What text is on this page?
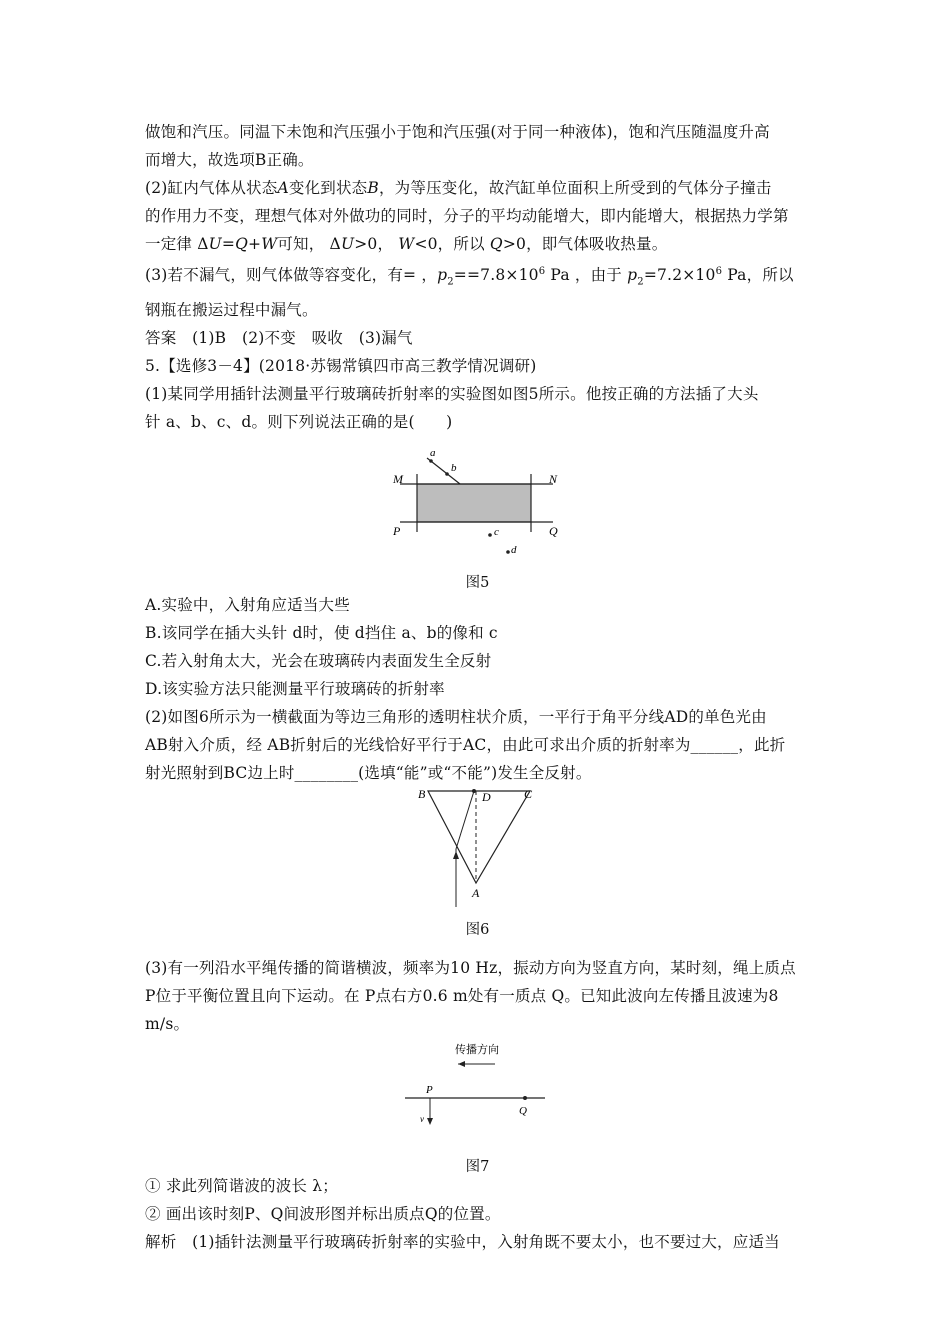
做饱和汽压。同温下未饱和汽压强小于饱和汽压强(对于同一种液体)，饱和汽压随温度升高
而增大，故选项B正确。
(2)缸内气体从状态A变化到状态B，为等压变化，故汽缸单位面积上所受到的气体分子撞击
的作用力不变，理想气体对外做功的同时，分子的平均动能增大，即内能增大，根据热力学第
一定律 ΔU=Q+W可知， ΔU>0， W<0，所以 Q>0，即气体吸收热量。
(3)若不漏气，则气体做等容变化，有= ，$p_2==7.8\times 10^6$ Pa ，由于 $p_2=7.2\times 10^6$ Pa，所以
钢瓶在搬运过程中漏气。
答案　(1)B　(2)不变　吸收　(3)漏气
5.【选修3－4】(2018·苏锡常镇四市高三教学情况调研)
(1)某同学用插针法测量平行玻璃砖折射率的实验图如图5所示。他按正确的方法插了大头
针 a、b、c、d。则下列说法正确的是(　　)
a
b
M	N
P	Q
c
d
图5
A.实验中，入射角应适当大些
B.该同学在插大头针 d时，使 d挡住 a、b的像和 c
C.若入射角太大，光会在玻璃砖内表面发生全反射
D.该实验方法只能测量平行玻璃砖的折射率
(2)如图6所示为一横截面为等边三角形的透明柱状介质，一平行于角平分线AD的单色光由
AB射入介质，经 AB折射后的光线恰好平行于AC，由此可求出介质的折射率为______，此折
射光照射到BC边上时________(选填“能”或“不能”)发生全反射。
B	D	C
A
图6
(3)有一列沿水平绳传播的简谐横波，频率为10 Hz，振动方向为竖直方向，某时刻，绳上质点
P位于平衡位置且向下运动。在 P点右方0.6 m处有一质点 Q。已知此波向左传播且波速为8
m/s。
传播方向
P
Q
v
图7
① 求此列简谐波的波长 λ；
② 画出该时刻P、Q间波形图并标出质点Q的位置。
解析　(1)插针法测量平行玻璃砖折射率的实验中，入射角既不要太小，也不要过大，应适当
